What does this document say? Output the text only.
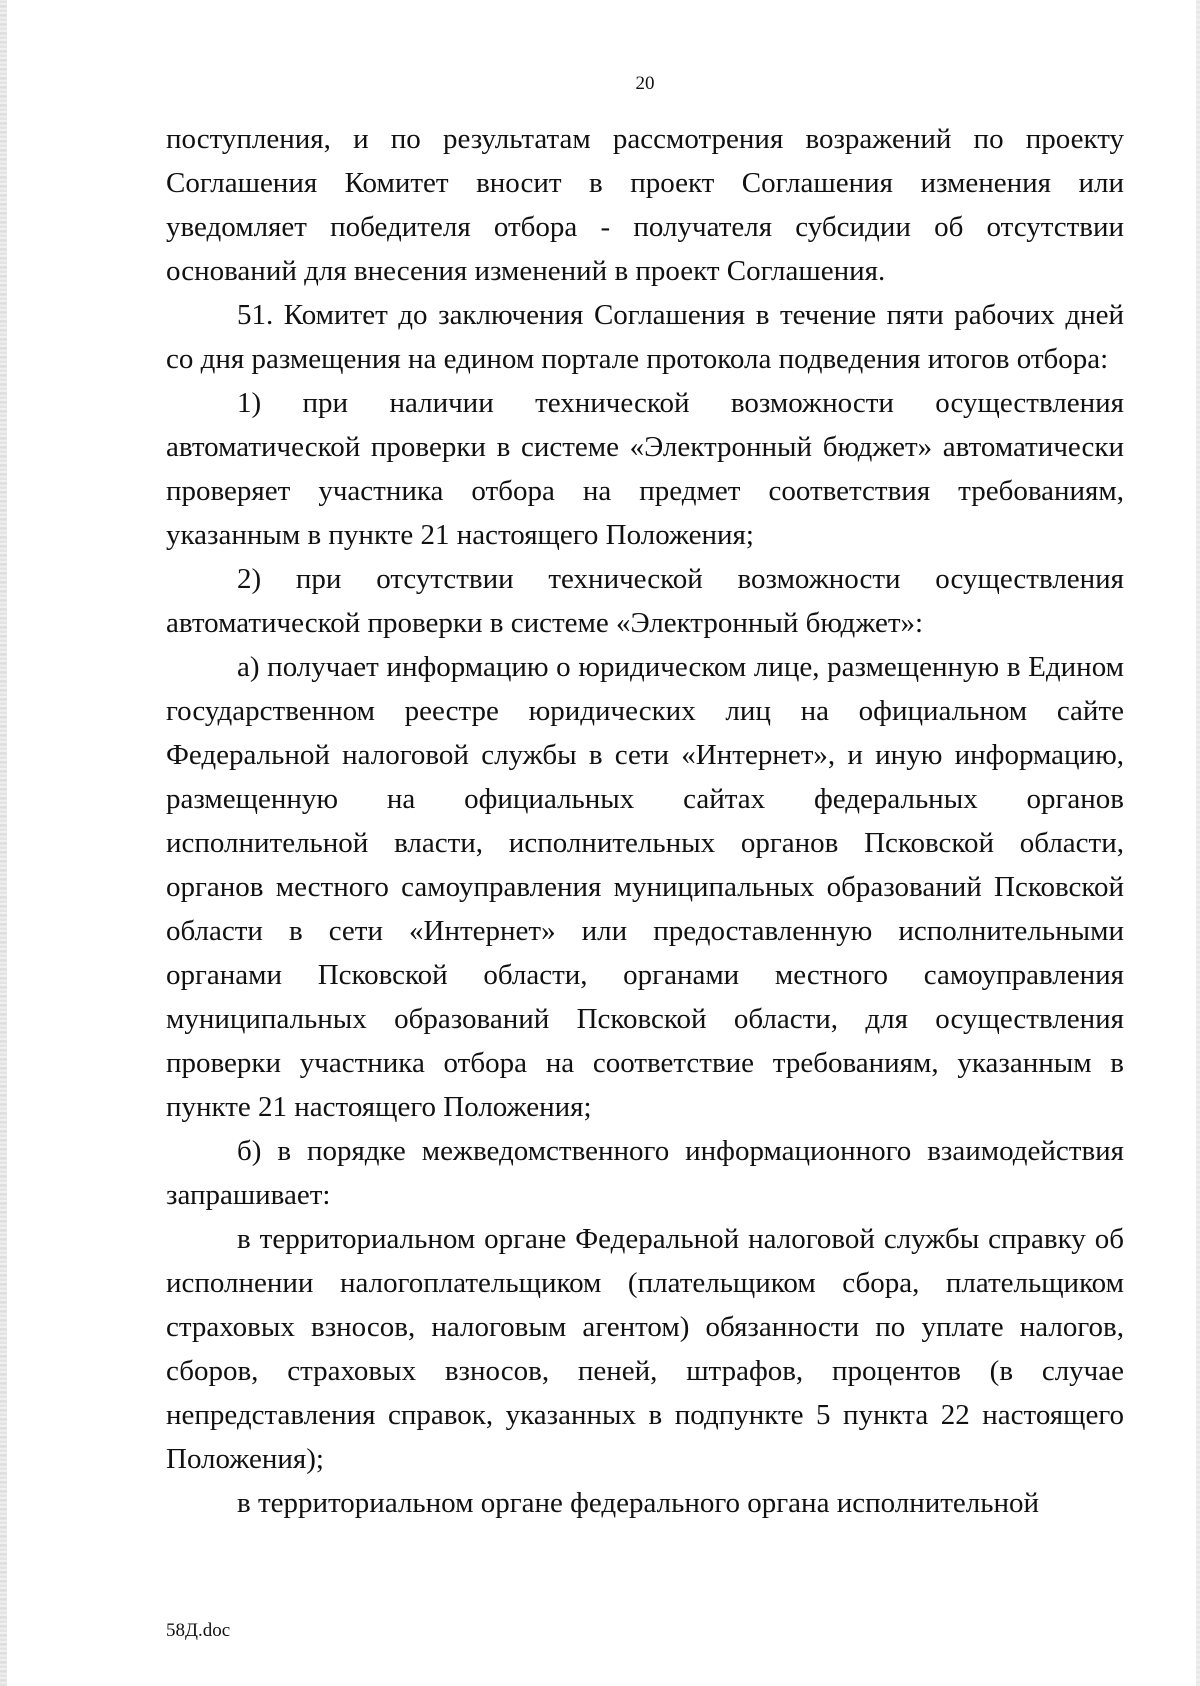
20

поступления, и по результатам рассмотрения возражений по проекту Соглашения Комитет вносит в проект Соглашения изменения или уведомляет победителя отбора - получателя субсидии об отсутствии оснований для внесения изменений в проект Соглашения.

51. Комитет до заключения Соглашения в течение пяти рабочих дней со дня размещения на едином портале протокола подведения итогов отбора:

1) при наличии технической возможности осуществления автоматической проверки в системе «Электронный бюджет» автоматически проверяет участника отбора на предмет соответствия требованиям, указанным в пункте 21 настоящего Положения;

2) при отсутствии технической возможности осуществления автоматической проверки в системе «Электронный бюджет»:

а) получает информацию о юридическом лице, размещенную в Едином государственном реестре юридических лиц на официальном сайте Федеральной налоговой службы в сети «Интернет», и иную информацию, размещенную на официальных сайтах федеральных органов исполнительной власти, исполнительных органов Псковской области, органов местного самоуправления муниципальных образований Псковской области в сети «Интернет» или предоставленную исполнительными органами Псковской области, органами местного самоуправления муниципальных образований Псковской области, для осуществления проверки участника отбора на соответствие требованиям, указанным в пункте 21 настоящего Положения;

б) в порядке межведомственного информационного взаимодействия запрашивает:

в территориальном органе Федеральной налоговой службы справку об исполнении налогоплательщиком (плательщиком сбора, плательщиком страховых взносов, налоговым агентом) обязанности по уплате налогов, сборов, страховых взносов, пеней, штрафов, процентов (в случае непредставления справок, указанных в подпункте 5 пункта 22 настоящего Положения);

в территориальном органе федерального органа исполнительной

58Д.doc
